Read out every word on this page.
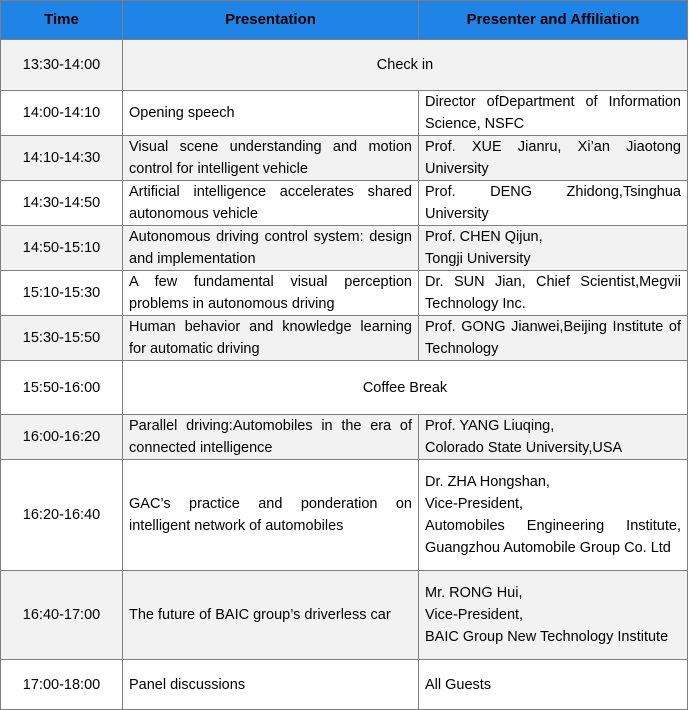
Time	Presentation	Presenter and Affiliation
13:30-14:00	Check in	
14:00-14:10	Opening speech	Director ofDepartment of Information Science, NSFC

14:10-14:30	Visual scene understanding and motion control for intelligent vehicle	Prof. XUE Jianru, Xi’an Jiaotong University

14:30-14:50	Artificial intelligence accelerates shared autonomous vehicle	Prof. DENG Zhidong,Tsinghua University

14:50-15:10	Autonomous driving control system: design and implementation	Prof. CHEN Qijun,
Tongji University

15:10-15:30	A few fundamental visual perception problems in autonomous driving	Dr. SUN Jian, Chief Scientist,Megvii Technology Inc.

15:30-15:50	Human behavior and knowledge learning for automatic driving	Prof. GONG Jianwei,Beijing Institute of Technology

15:50-16:00	Coffee Break	
16:00-16:20	Parallel driving:Automobiles in the era of connected intelligence	Prof. YANG Liuqing,
Colorado State University,USA

16:20-16:40	GAC’s practice and ponderation on intelligent network of automobiles	Dr. ZHA Hongshan,
Vice-President,
Automobiles Engineering Institute, Guangzhou Automobile Group Co. Ltd

16:40-17:00	The future of BAIC group’s driverless car	Mr. RONG Hui,
Vice-President,
BAIC Group New Technology Institute

17:00-18:00	Panel discussions	All Guests
